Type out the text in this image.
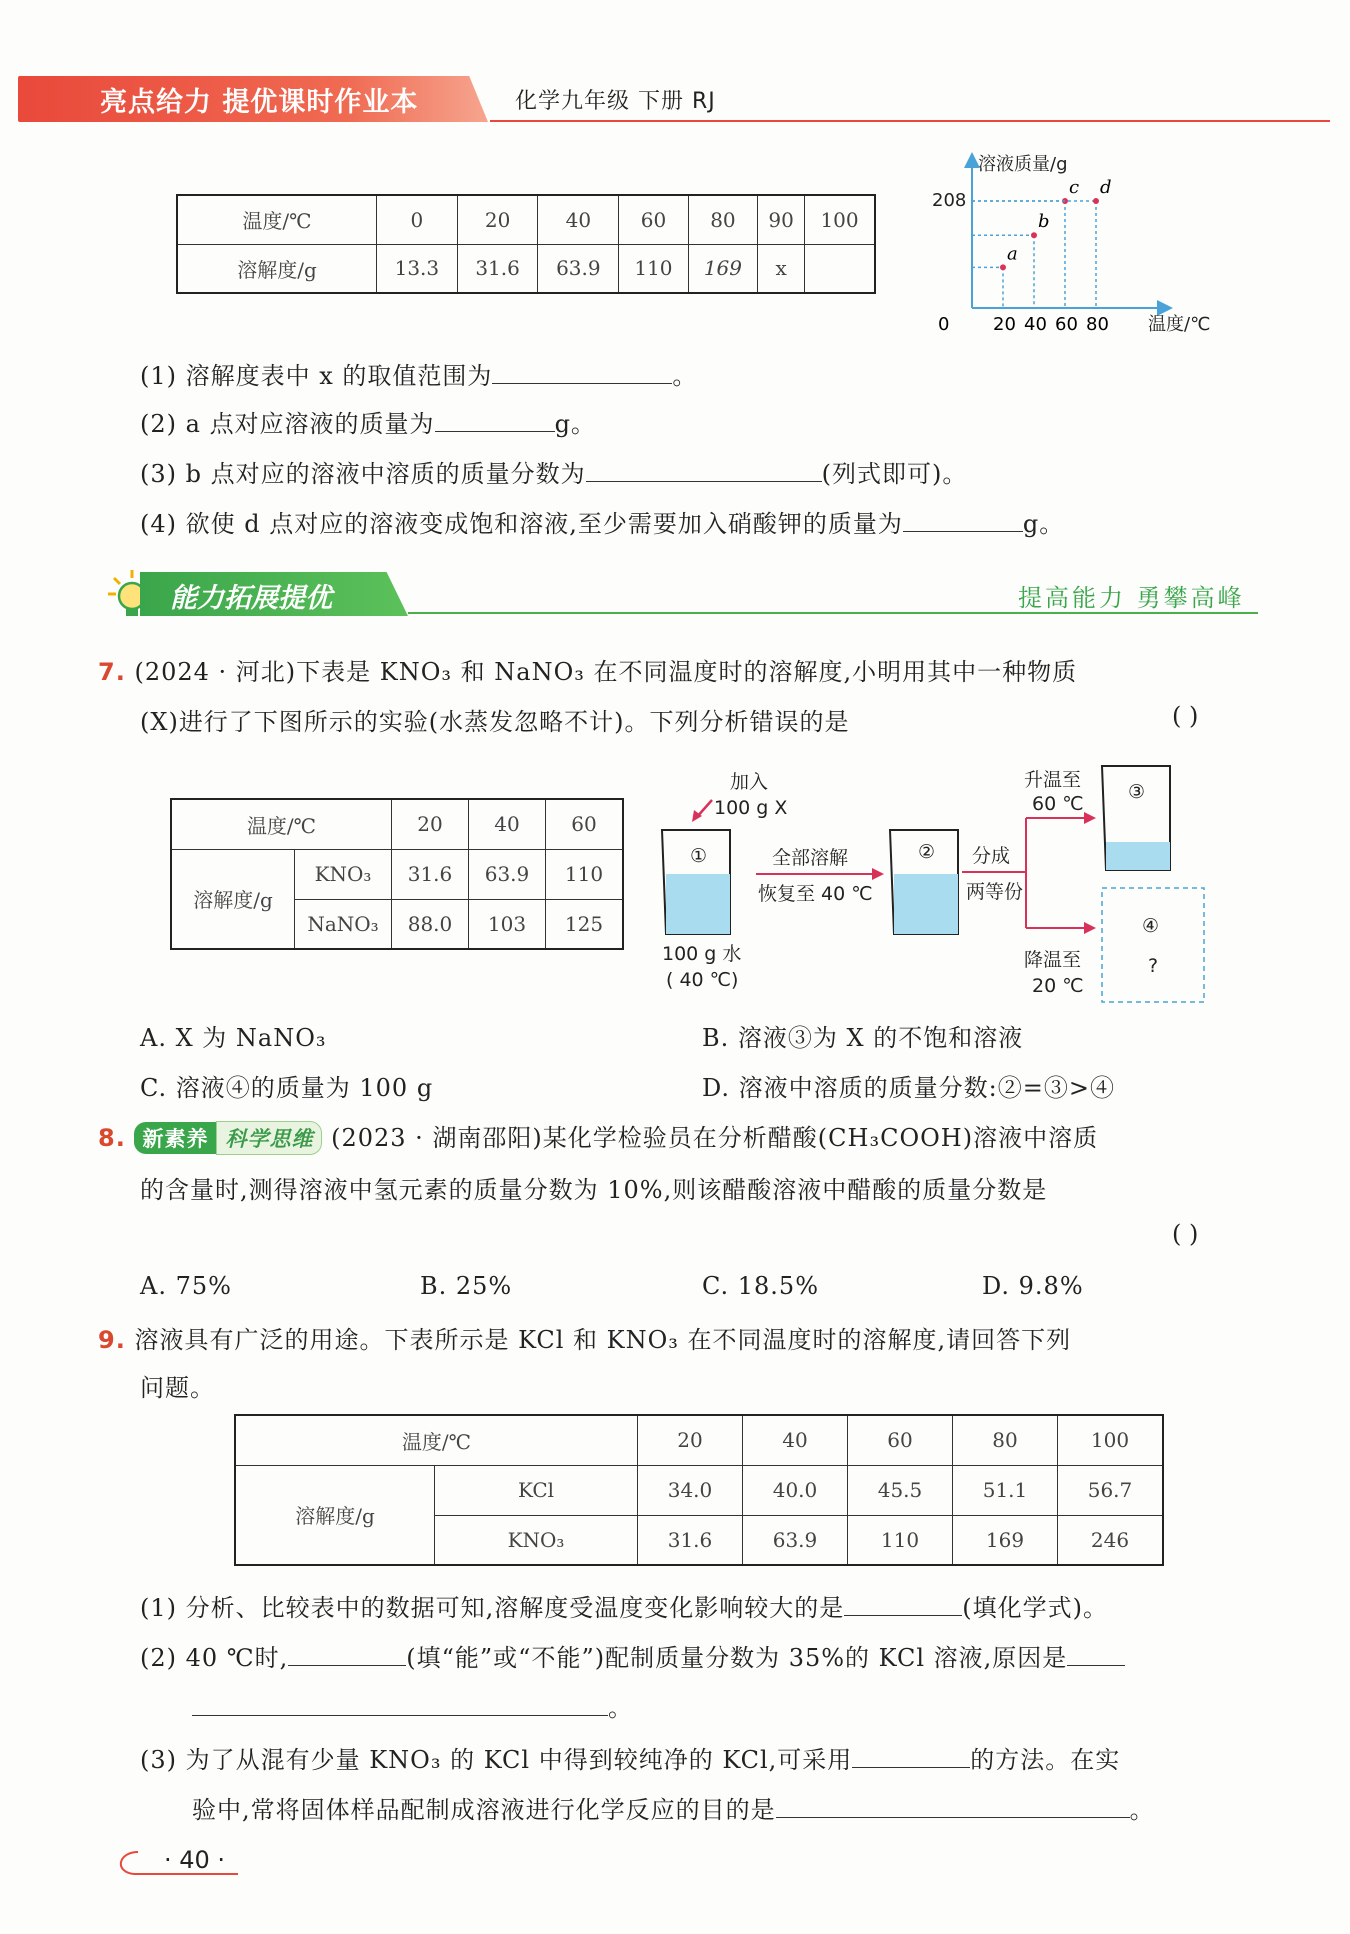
亮点给力 提优课时作业本	化学九年级 下册 RJ
温度/℃	0	20	40	60	80	90	100
溶解度/g	13.3	31.6	63.9	110	169	x	
a
b
c d
溶液质量/g
208
温度/℃
0 20 40 60 80
(1) 溶解度表中 x 的取值范围为	。
(2) a 点对应溶液的质量为	g。
(3) b 点对应的溶液中溶质的质量分数为	(列式即可)。
(4) 欲使 d 点对应的溶液变成饱和溶液,至少需要加入硝酸钾的质量为	g。
能力拓展提优	提高能力 勇攀高峰
7. (2024 · 河北)下表是 KNO₃ 和 NaNO₃ 在不同温度时的溶解度,小明用其中一种物质
(X)进行了下图所示的实验(水蒸发忽略不计)。下列分析错误的是	( )
温度/℃		20	40	60
溶解度/g	KNO₃	31.6	63.9	110
	NaNO₃	88.0	103	125
①
加入
100 g X
100 g 水
( 40 ℃)
全部溶解
恢复至 40 ℃
② 分成
两等份
升温至
60 ℃
降温至
20 ℃
③
④
?
A. X 为 NaNO₃	B. 溶液③为 X 的不饱和溶液
C. 溶液④的质量为 100 g	D. 溶液中溶质的质量分数:②=③>④
8. 新素养 科学思维 (2023 · 湖南邵阳)某化学检验员在分析醋酸(CH₃COOH)溶液中溶质
的含量时,测得溶液中氢元素的质量分数为 10%,则该醋酸溶液中醋酸的质量分数是
( )
A. 75%	B. 25%	C. 18.5%	D. 9.8%
9. 溶液具有广泛的用途。下表所示是 KCl 和 KNO₃ 在不同温度时的溶解度,请回答下列
问题。
温度/℃		20	40	60	80	100
溶解度/g	KCl	34.0	40.0	45.5	51.1	56.7
	KNO₃	31.6	63.9	110	169	246
(1) 分析、比较表中的数据可知,溶解度受温度变化影响较大的是	(填化学式)。
(2) 40 ℃时,	(填“能”或“不能”)配制质量分数为 35%的 KCl 溶液,原因是
。
(3) 为了从混有少量 KNO₃ 的 KCl 中得到较纯净的 KCl,可采用	的方法。在实
验中,常将固体样品配制成溶液进行化学反应的目的是	。
· 40 ·
